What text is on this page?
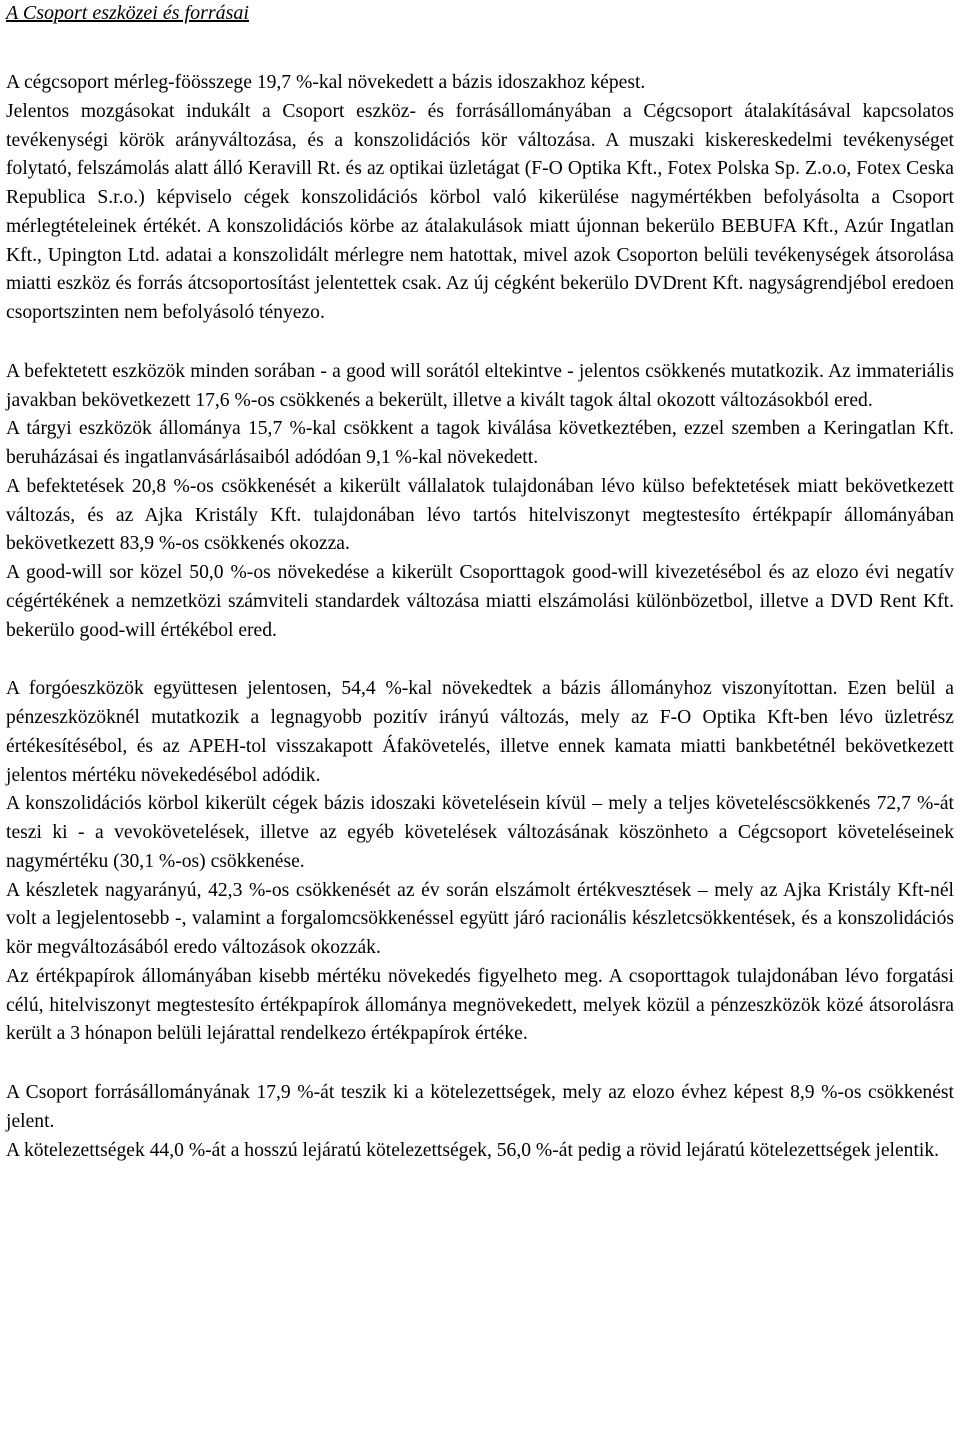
A Csoport eszközei és forrásai

A cégcsoport mérleg-föösszege 19,7 %-kal növekedett a bázis idoszakhoz képest.

Jelentos mozgásokat indukált a Csoport eszköz- és forrásállományában a Cégcsoport átalakításával kapcsolatos tevékenységi körök arányváltozása, és a konszolidációs kör változása. A muszaki kiskereskedelmi tevékenységet folytató, felszámolás alatt álló Keravill Rt. és az optikai üzletágat (F-O Optika Kft., Fotex Polska Sp. Z.o.o, Fotex Ceska Republica S.r.o.) képviselo cégek konszolidációs körbol való kikerülése nagymértékben befolyásolta a Csoport mérlegtételeinek értékét. A konszolidációs körbe az átalakulások miatt újonnan bekerülo BEBUFA Kft., Azúr Ingatlan Kft., Upington Ltd. adatai a konszolidált mérlegre nem hatottak, mivel azok Csoporton belüli tevékenységek átsorolása miatti eszköz és forrás átcsoportosítást jelentettek csak. Az új cégként bekerülo DVDrent Kft. nagyságrendjébol eredoen csoportszinten nem befolyásoló tényezo.

A befektetett eszközök minden sorában - a good will sorától eltekintve - jelentos csökkenés mutatkozik. Az immateriális javakban bekövetkezett 17,6 %-os csökkenés a bekerült, illetve a kivált tagok által okozott változásokból ered.

A tárgyi eszközök állománya 15,7 %-kal csökkent a tagok kiválása következtében, ezzel szemben a Keringatlan Kft. beruházásai és ingatlanvásárlásaiból adódóan 9,1 %-kal növekedett.

A befektetések 20,8 %-os csökkenését a kikerült vállalatok tulajdonában lévo külso befektetések miatt bekövetkezett változás, és az Ajka Kristály Kft. tulajdonában lévo tartós hitelviszonyt megtestesíto értékpapír állományában bekövetkezett 83,9 %-os csökkenés okozza.

A good-will sor közel 50,0 %-os növekedése a kikerült Csoporttagok good-will kivezetésébol és az elozo évi negatív cégértékének a nemzetközi számviteli standardek változása miatti elszámolási különbözetbol, illetve a DVD Rent Kft. bekerülo good-will értékébol ered.

A forgóeszközök együttesen jelentosen, 54,4 %-kal növekedtek a bázis állományhoz viszonyítottan. Ezen belül a pénzeszközöknél mutatkozik a legnagyobb pozitív irányú változás, mely az F-O Optika Kft-ben lévo üzletrész értékesítésébol, és az APEH-tol visszakapott Áfakövetelés, illetve ennek kamata miatti bankbetétnél bekövetkezett jelentos mértéku növekedésébol adódik.

A konszolidációs körbol kikerült cégek bázis idoszaki követelésein kívül – mely a teljes követeléscsökkenés 72,7 %-át teszi ki - a vevokövetelések, illetve az egyéb követelések változásának köszönheto a Cégcsoport követeléseinek nagymértéku (30,1 %-os) csökkenése.

A készletek nagyarányú, 42,3 %-os csökkenését az év során elszámolt értékvesztések – mely az Ajka Kristály Kft-nél volt a legjelentosebb -, valamint a forgalomcsökkenéssel együtt járó racionális készletcsökkentések, és a konszolidációs kör megváltozásából eredo változások okozzák.

Az értékpapírok állományában kisebb mértéku növekedés figyelheto meg. A csoporttagok tulajdonában lévo forgatási célú, hitelviszonyt megtestesíto értékpapírok állománya megnövekedett, melyek közül a pénzeszközök közé átsorolásra került a 3 hónapon belüli lejárattal rendelkezo értékpapírok értéke.

A Csoport forrásállományának 17,9 %-át teszik ki a kötelezettségek, mely az elozo évhez képest 8,9 %-os csökkenést jelent.

A kötelezettségek 44,0 %-át a hosszú lejáratú kötelezettségek, 56,0 %-át pedig a rövid lejáratú kötelezettségek jelentik.
